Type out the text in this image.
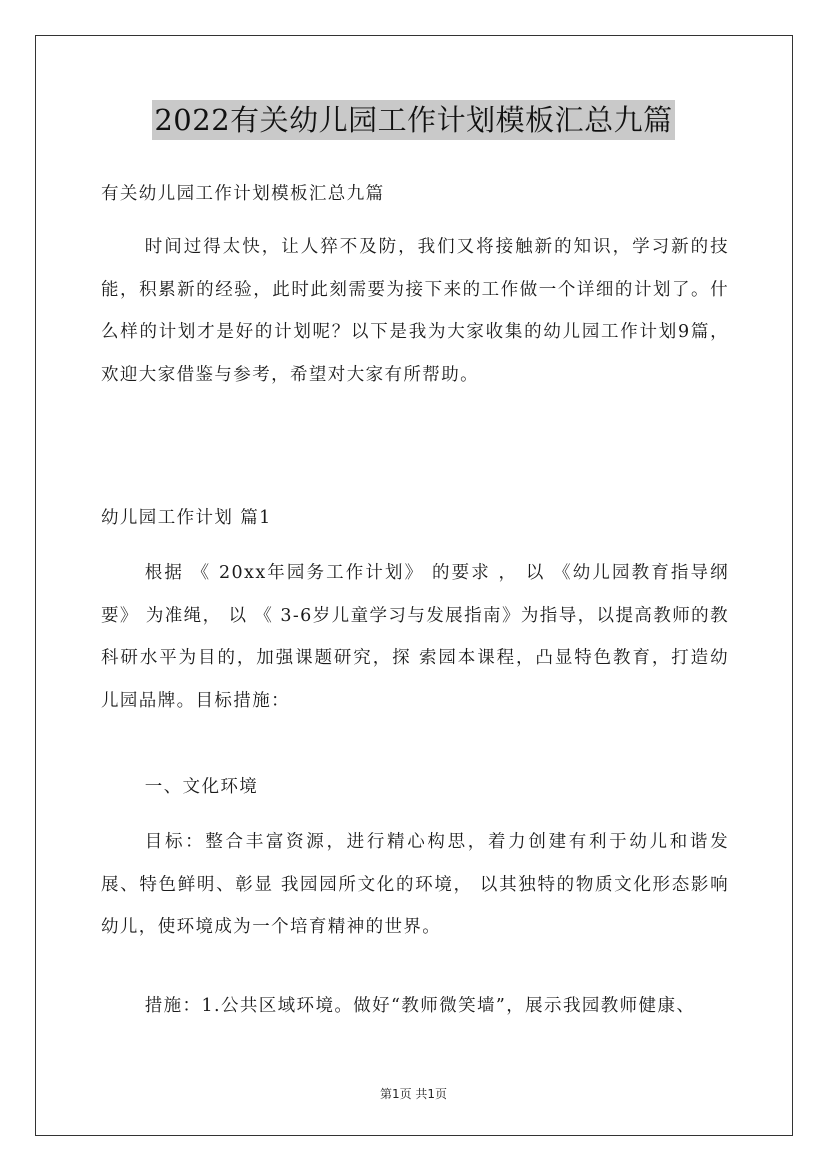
2022有关幼儿园工作计划模板汇总九篇

有关幼儿园工作计划模板汇总九篇

时间过得太快，让人猝不及防，我们又将接触新的知识，学习新的技能，积累新的经验，此时此刻需要为接下来的工作做一个详细的计划了。什么样的计划才是好的计划呢？以下是我为大家收集的幼儿园工作计划9篇，欢迎大家借鉴与参考，希望对大家有所帮助。

幼儿园工作计划 篇1

根据 《 20xx年园务工作计划》 的要求 ， 以 《幼儿园教育指导纲要》 为准绳， 以 《 3-6岁儿童学习与发展指南》为指导，以提高教师的教科研水平为目的，加强课题研究，探 索园本课程，凸显特色教育，打造幼儿园品牌。目标措施：

一、文化环境

目标：整合丰富资源，进行精心构思，着力创建有利于幼儿和谐发展、特色鲜明、彰显 我园园所文化的环境， 以其独特的物质文化形态影响幼儿，使环境成为一个培育精神的世界。

措施：1.公共区域环境。做好“教师微笑墙”，展示我园教师健康、

第1页 共1页
